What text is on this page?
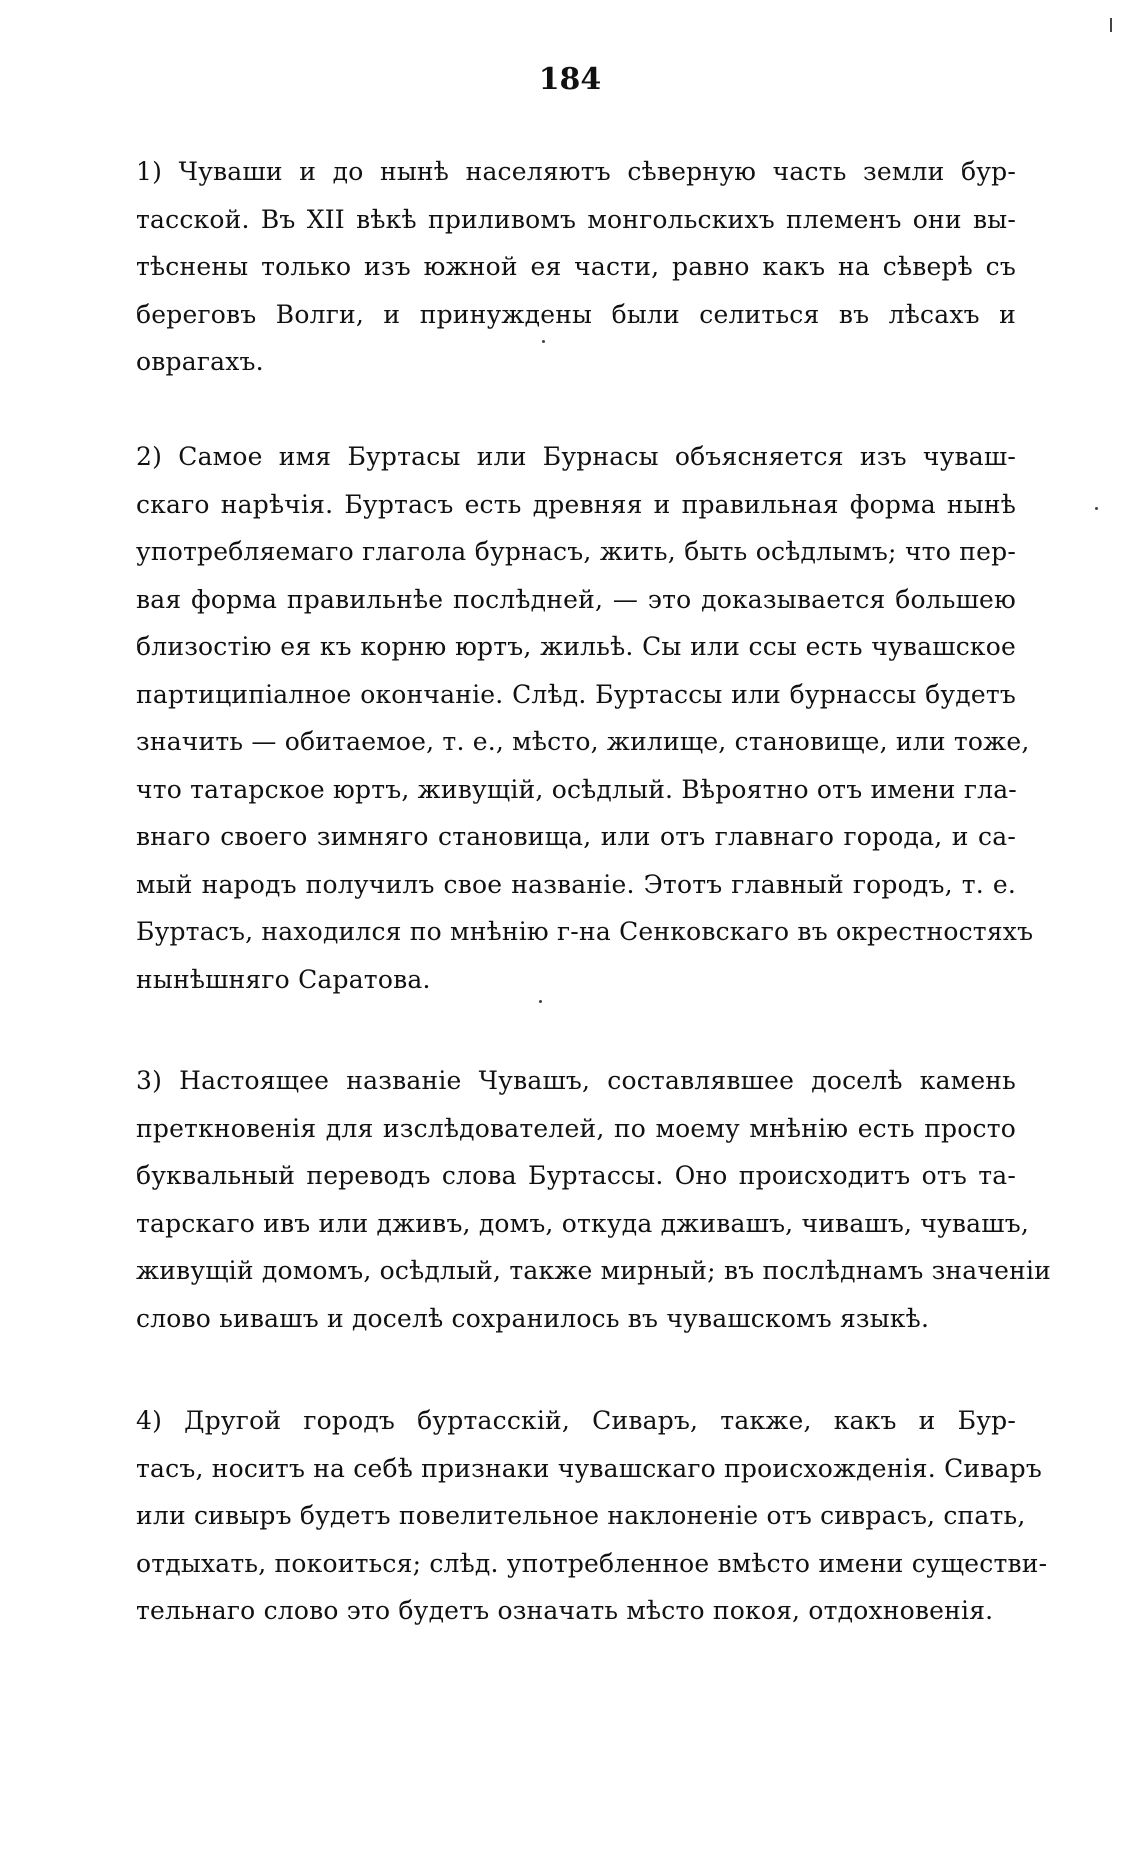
184
1) Чуваши и до нынѣ населяютъ сѣверную часть земли бур-
тасской. Въ XII вѣкѣ приливомъ монгольскихъ племенъ они вы-
тѣснены только изъ южной ея части, равно какъ на сѣверѣ съ
береговъ Волги, и принуждены были селиться въ лѣсахъ и
оврагахъ.
2) Самое имя Буртасы или Бурнасы объясняется изъ чуваш-
скаго нарѣчія. Буртасъ есть древняя и правильная форма нынѣ
употребляемаго глагола бурнасъ, жить, быть осѣдлымъ; что пер-
вая форма правильнѣе послѣдней, — это доказывается большею
близостію ея къ корню юртъ, жильѣ. Сы или ссы есть чувашское
партиципіалное окончаніе. Слѣд. Буртассы или бурнассы будетъ
значить — обитаемое, т. е., мѣсто, жилище, становище, или тоже,
что татарское юртъ, живущій, осѣдлый. Вѣроятно отъ имени гла-
внаго своего зимняго становища, или отъ главнаго города, и са-
мый народъ получилъ свое названіе. Этотъ главный городъ, т. е.
Буртасъ, находился по мнѣнію г-на Сенковскаго въ окрестностяхъ
нынѣшняго Саратова.
3) Настоящее названіе Чувашъ, составлявшее доселѣ камень
преткновенія для изслѣдователей, по моему мнѣнію есть просто
буквальный переводъ слова Буртассы. Оно происходитъ отъ та-
тарскаго ивъ или дживъ, домъ, откуда дживашъ, чивашъ, чувашъ,
живущій домомъ, осѣдлый, также мирный; въ послѣднамъ значеніи
слово ьивашъ и доселѣ сохранилось въ чувашскомъ языкѣ.
4) Другой городъ буртасскій, Сиваръ, также, какъ и Бур-
тасъ, носитъ на себѣ признаки чувашскаго происхожденія. Сиваръ
или сивыръ будетъ повелительное наклоненіе отъ сиврасъ, спать,
отдыхать, покоиться; слѣд. употребленное вмѣсто имени существи-
тельнаго слово это будетъ означать мѣсто покоя, отдохновенія.
